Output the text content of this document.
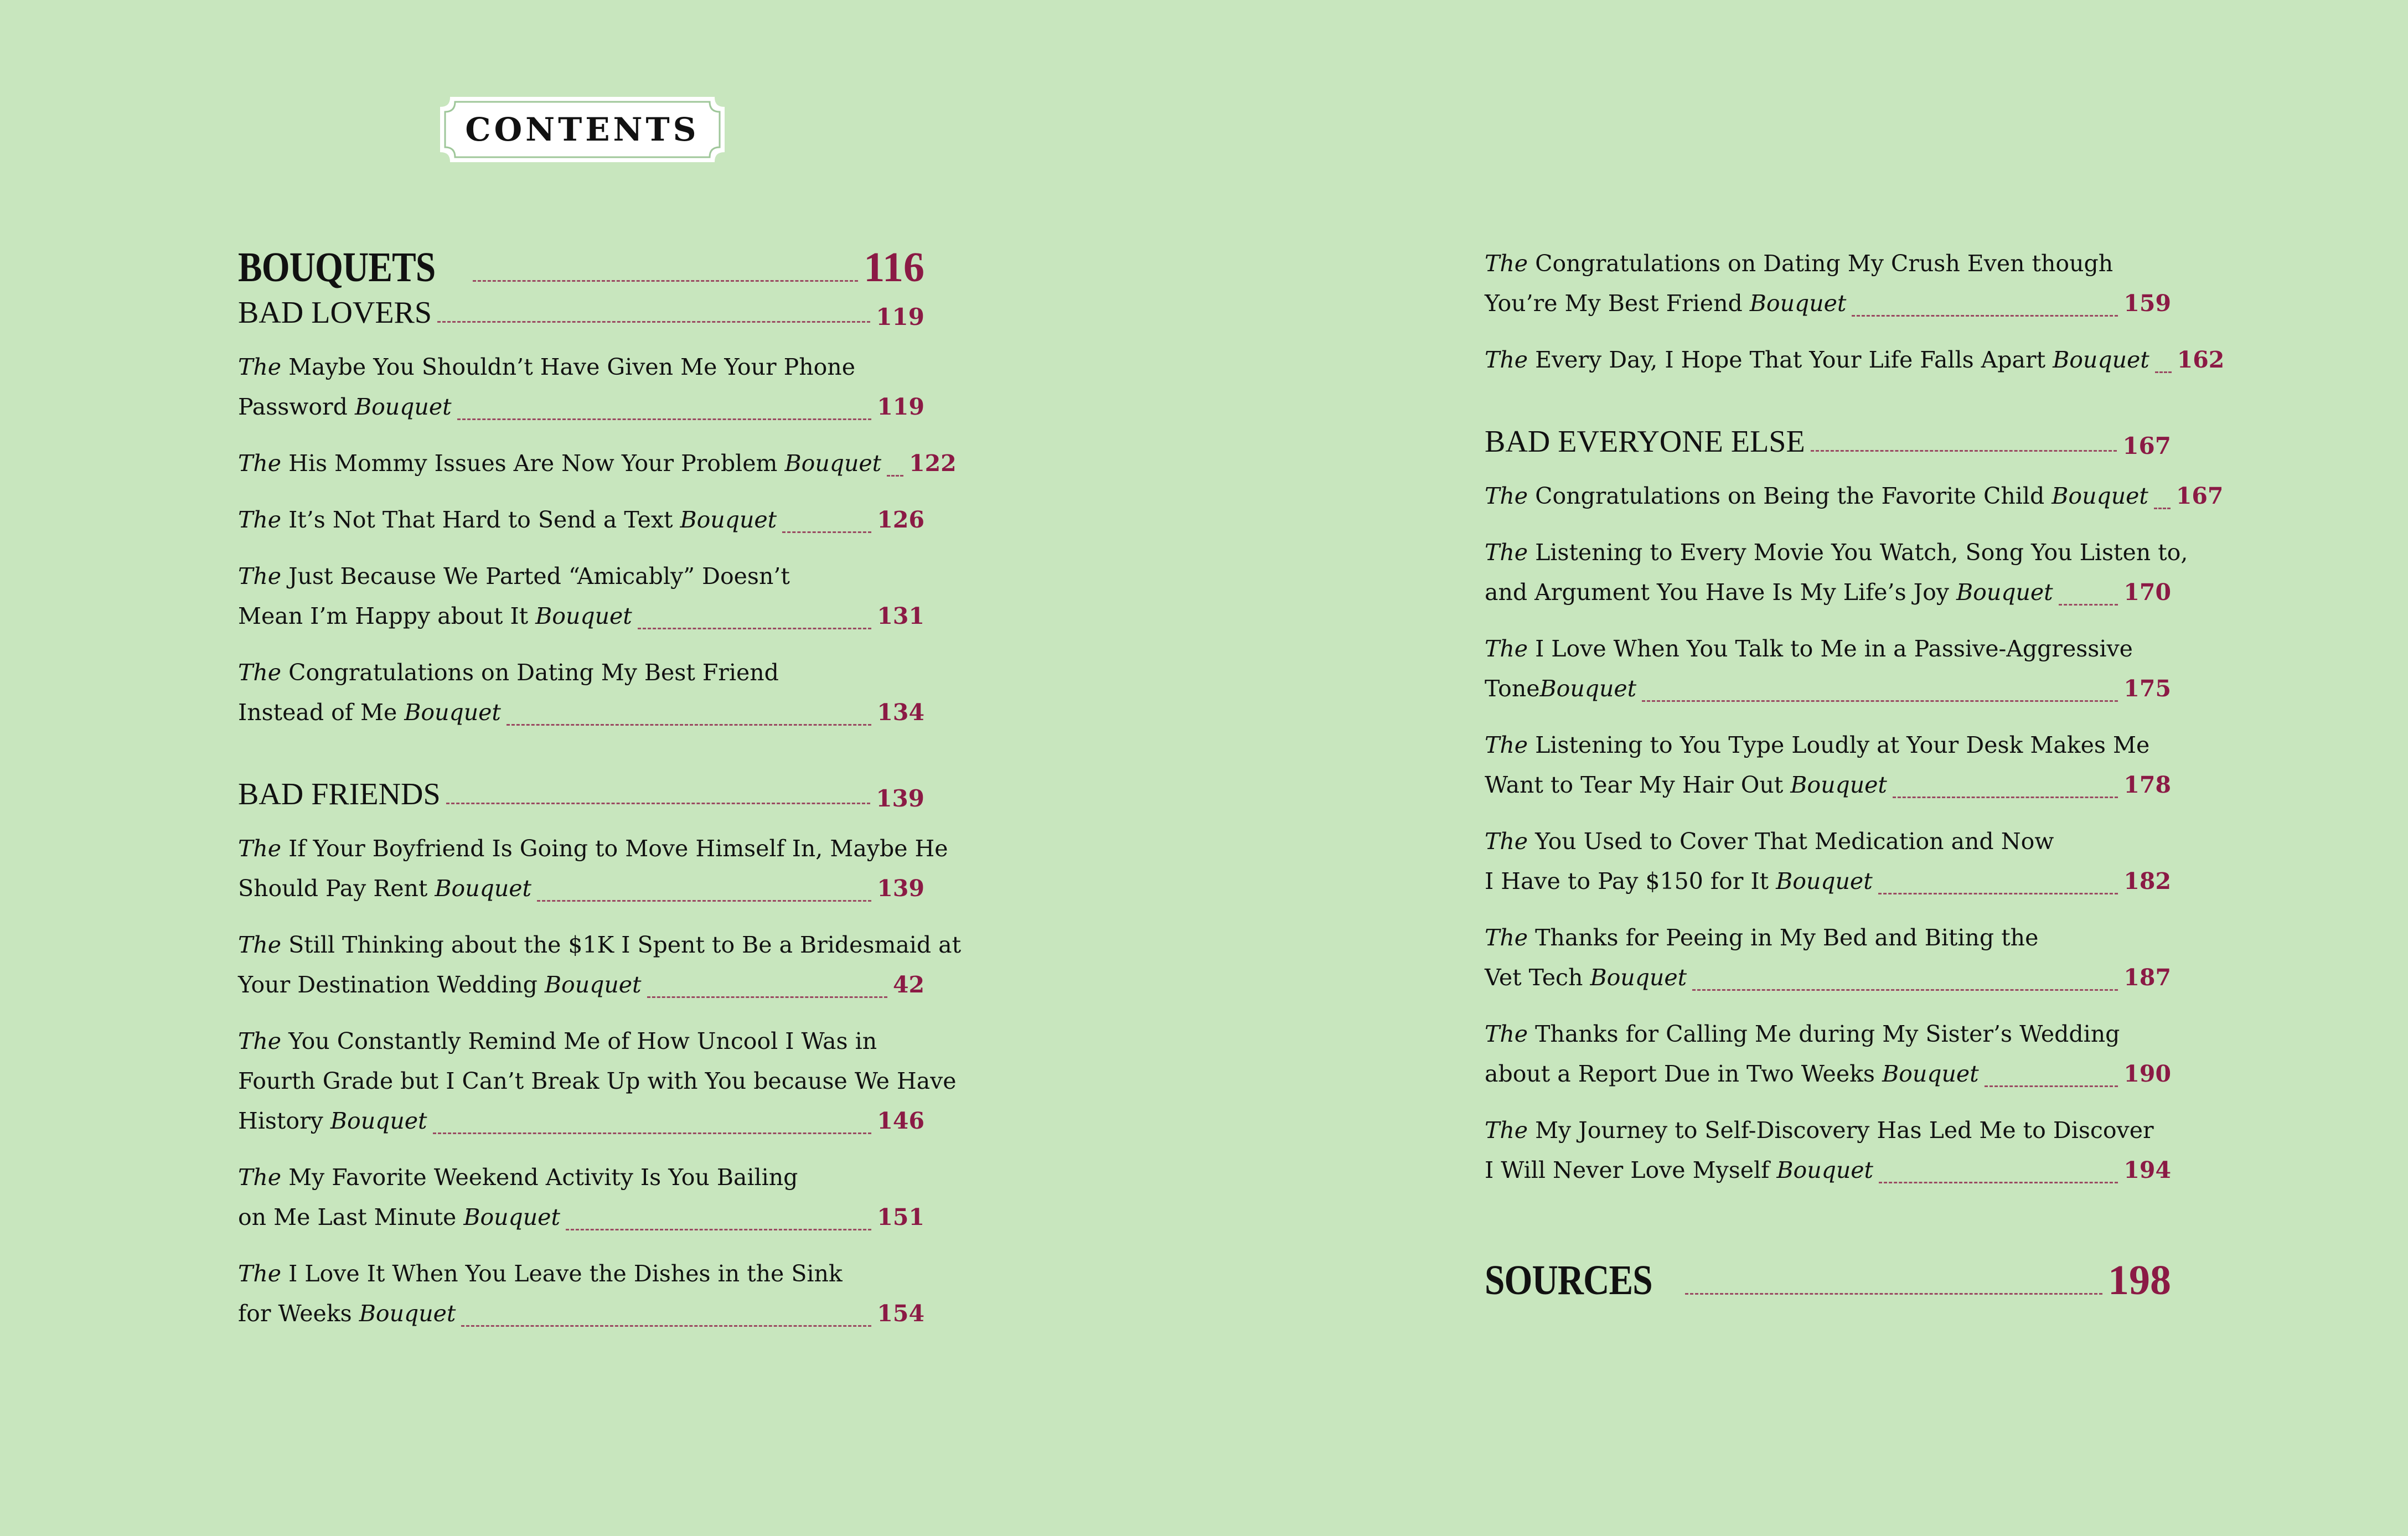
CONTENTS
BOUQUETS	116
BAD LOVERS	119
The Maybe You Shouldn’t Have Given Me Your Phone
Password Bouquet	119
The His Mommy Issues Are Now Your Problem Bouquet 122
The It’s Not That Hard to Send a Text Bouquet	126
The Just Because We Parted “Amicably” Doesn’t
Mean I’m Happy about It Bouquet	131
The Congratulations on Dating My Best Friend
Instead of Me Bouquet	134
BAD FRIENDS	139
The If Your Boyfriend Is Going to Move Himself In, Maybe He
Should Pay Rent Bouquet	139
The Still Thinking about the $1K I Spent to Be a Bridesmaid at
Your Destination Wedding Bouquet	42
The You Constantly Remind Me of How Uncool I Was in
Fourth Grade but I Can’t Break Up with You because We Have
History Bouquet	146
The My Favorite Weekend Activity Is You Bailing
on Me Last Minute Bouquet	151
The I Love It When You Leave the Dishes in the Sink
for Weeks Bouquet	154
The Congratulations on Dating My Crush Even though
You’re My Best Friend Bouquet	159
The Every Day, I Hope That Your Life Falls Apart Bouquet 162
BAD EVERYONE ELSE	167
The Congratulations on Being the Favorite Child Bouquet 167
The Listening to Every Movie You Watch, Song You Listen to,
and Argument You Have Is My Life’s Joy Bouquet	170
The I Love When You Talk to Me in a Passive-Aggressive
ToneBouquet	175
The Listening to You Type Loudly at Your Desk Makes Me
Want to Tear My Hair Out Bouquet	178
The You Used to Cover That Medication and Now
I Have to Pay $150 for It Bouquet	182
The Thanks for Peeing in My Bed and Biting the
Vet Tech Bouquet	187
The Thanks for Calling Me during My Sister’s Wedding
about a Report Due in Two Weeks Bouquet	190
The My Journey to Self-Discovery Has Led Me to Discover
I Will Never Love Myself Bouquet	194
SOURCES	198
